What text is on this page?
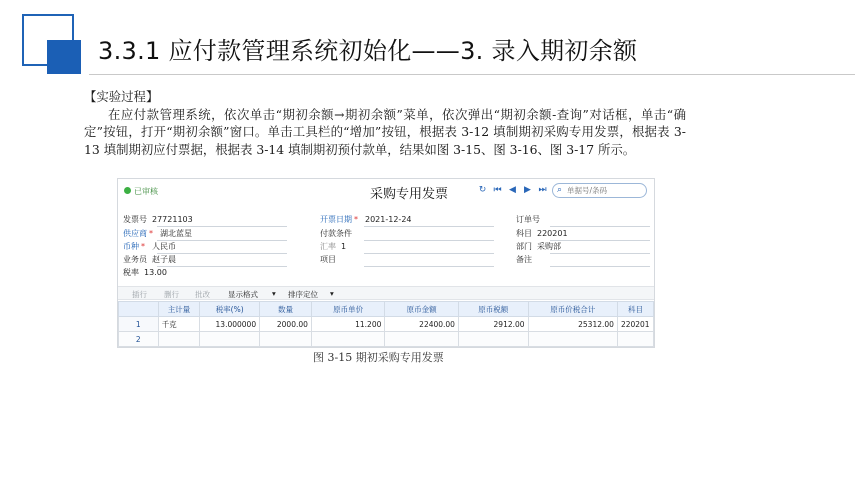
3.3.1 应付款管理系统初始化——3. 录入期初余额
【实验过程】
在应付款管理系统，依次单击“期初余额→期初余额”菜单，依次弹出“期初余额-查询”对话框，单击“确定”按钮，打开“期初余额”窗口。单击工具栏的“增加”按钮，根据表 3-12 填制期初采购专用发票，根据表 3-13 填制期初应付票据，根据表 3-14 填制期初预付款单，结果如图 3-15、图 3-16、图 3-17 所示。
已审核	采购专用发票	↻ ⏮ ◀ ▶ ⏭ ⌕
单据号/条码
发票号 27721103
供应商 * 湖北蓝星
币种 * 人民币
业务员 赵子晨
税率 13.00
开票日期 * 2021-12-24
付款条件
汇率 1
项目
订单号
科目 220201
部门 采购部
备注
插行 删行 批改 显示格式 ▾ 排序定位 ▾
	主计量	税率(%)	数量	原币单价	原币金额	原币税额	原币价税合计	科目
1	千克	13.000000	2000.00	11.200	22400.00	2912.00	25312.00	220201
2								
图 3-15 期初采购专用发票
